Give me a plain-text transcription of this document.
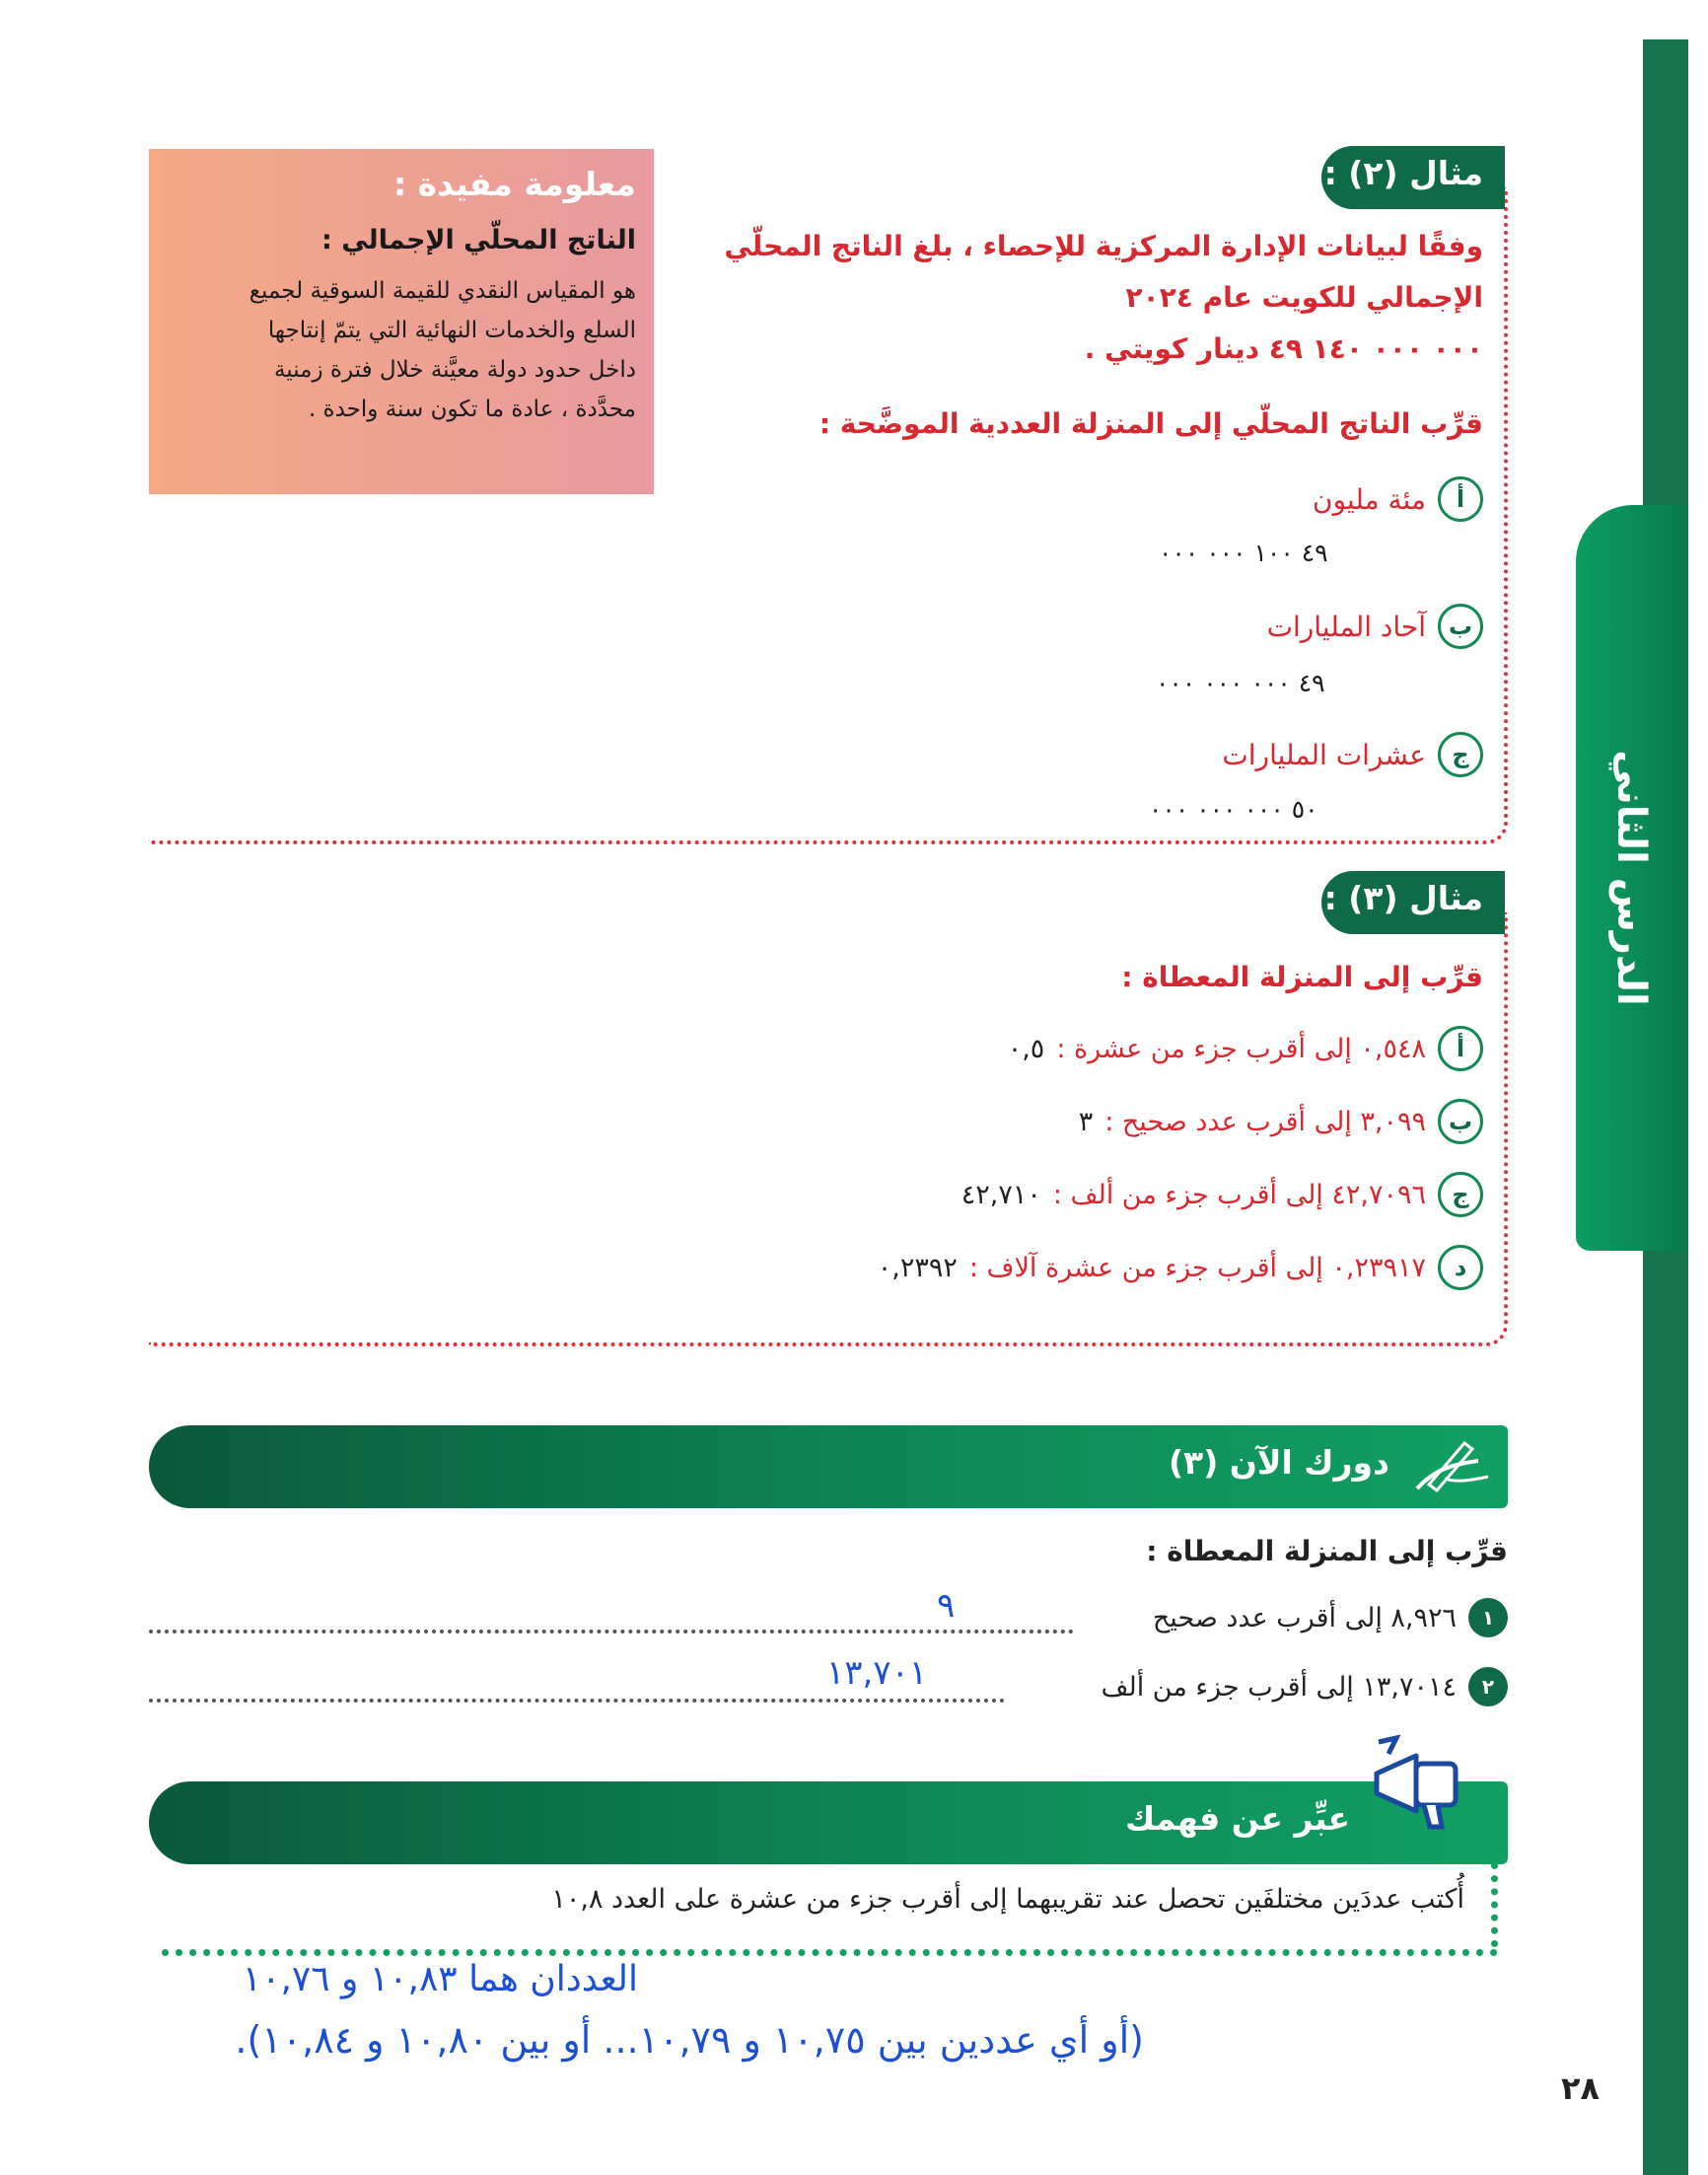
الدرس الثاني
معلومة مفيدة :
الناتج المحلّي الإجمالي :
هو المقياس النقدي للقيمة السوقية لجميع
السلع والخدمات النهائية التي يتمّ إنتاجها
داخل حدود دولة معيَّنة خلال فترة زمنية
محدَّدة ، عادة ما تكون سنة واحدة .
مثال (٢) :
وفقًا لبيانات الإدارة المركزية للإحصاء ، بلغ الناتج المحلّي
الإجمالي للكويت عام ٢٠٢٤
٠٠٠ ٠٠٠ ١٤٠ ٤٩ دينار كويتي .
قرِّب الناتج المحلّي إلى المنزلة العددية الموضَّحة :
أ
مئة مليون
٤٩ ١٠٠ ٠٠٠ ٠٠٠
ب
آحاد المليارات
٤٩ ٠٠٠ ٠٠٠ ٠٠٠
ج
عشرات المليارات
٥٠ ٠٠٠ ٠٠٠ ٠٠٠
مثال (٣) :
قرِّب إلى المنزلة المعطاة :
أ
٠,٥٤٨ إلى أقرب جزء من عشرة :
٠,٥
ب
٣,٠٩٩ إلى أقرب عدد صحيح :
٣
ج
٤٢,٧٠٩٦ إلى أقرب جزء من ألف :
٤٢,٧١٠
د
٠,٢٣٩١٧ إلى أقرب جزء من عشرة آلاف :
٠,٢٣٩٢
دورك الآن (٣)
قرِّب إلى المنزلة المعطاة :
١
٨,٩٢٦ إلى أقرب عدد صحيح
٩
٢
١٣,٧٠١٤ إلى أقرب جزء من ألف
١٣,٧٠١
عبِّر عن فهمك
أُكتب عددَين مختلفَين تحصل عند تقريبهما إلى أقرب جزء من عشرة على العدد ١٠,٨
العددان هما ١٠,٨٣ و ١٠,٧٦
(أو أي عددين بين ١٠,٧٥ و ١٠,٧٩... أو بين ١٠,٨٠ و ١٠,٨٤).
٢٨
